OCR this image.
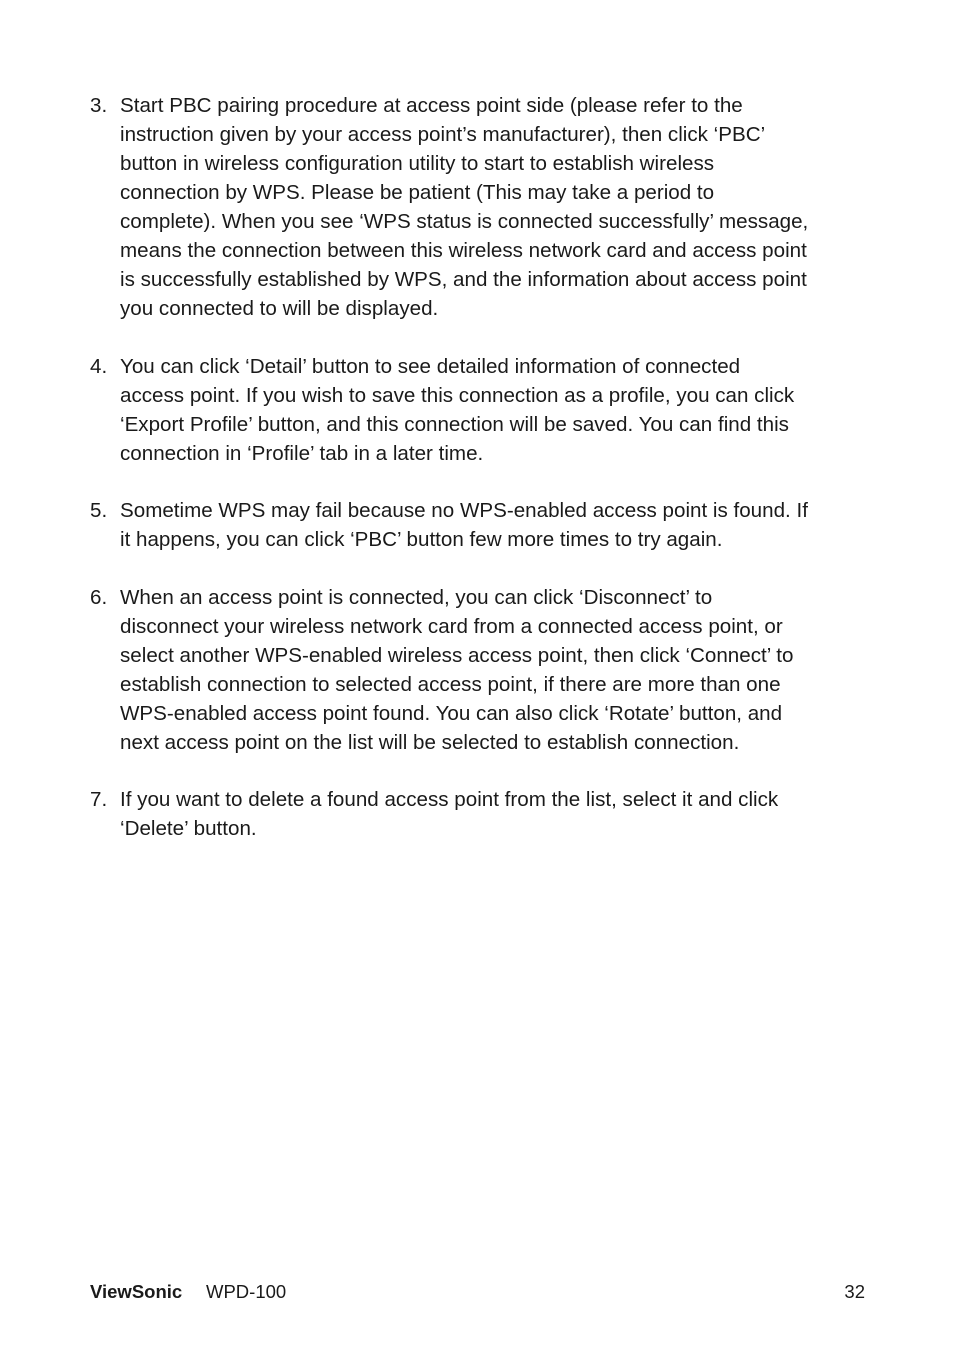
3. Start PBC pairing procedure at access point side (please refer to the
instruction given by your access point’s manufacturer), then click ‘PBC’
button in wireless configuration utility to start to establish wireless
connection by WPS. Please be patient (This may take a period to
complete). When you see ‘WPS status is connected successfully’ message,
means the connection between this wireless network card and access point
is successfully established by WPS, and the information about access point
you connected to will be displayed.
4. You can click ‘Detail’ button to see detailed information of connected
access point. If you wish to save this connection as a profile, you can click
‘Export Profile’ button, and this connection will be saved. You can find this
connection in ‘Profile’ tab in a later time.
5. Sometime WPS may fail because no WPS-enabled access point is found. If
it happens, you can click ‘PBC’ button few more times to try again.
6. When an access point is connected, you can click ‘Disconnect’ to
disconnect your wireless network card from a connected access point, or
select another WPS-enabled wireless access point, then click ‘Connect’ to
establish connection to selected access point, if there are more than one
WPS-enabled access point found. You can also click ‘Rotate’ button, and
next access point on the list will be selected to establish connection.
7. If you want to delete a found access point from the list, select it and click
‘Delete’ button.
ViewSonic WPD-100	32
